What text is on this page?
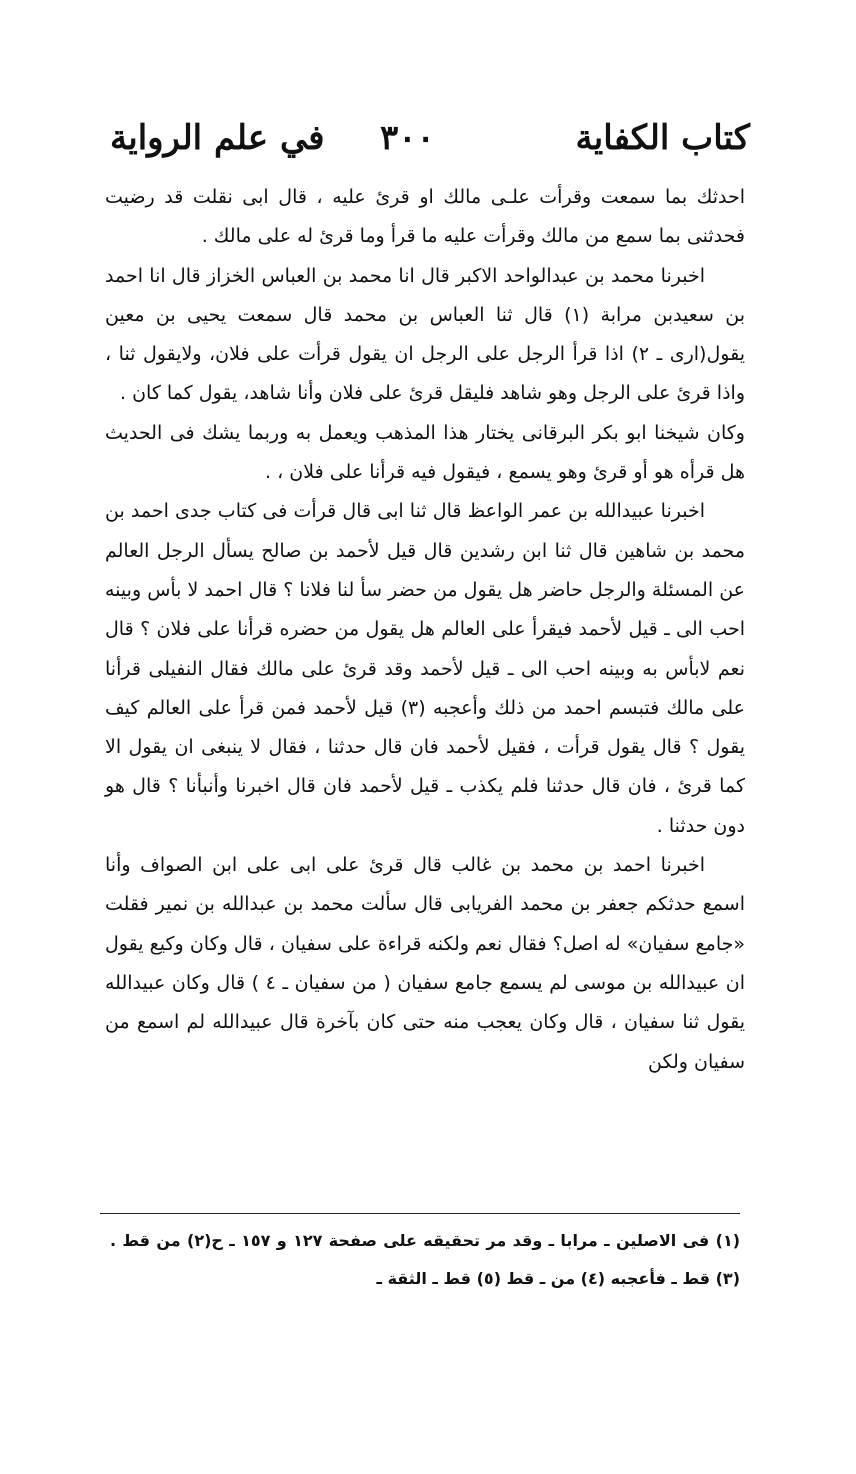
كتاب الكفاية
٣٠٠
في علم الرواية

احدثك بما سمعت وقرأت علـى مالك او قرئ عليه ، قال ابى نقلت قد رضيت فحدثنى بما سمع من مالك وقرأت عليه ما قرأ وما قرئ له على مالك .

اخبرنا محمد بن عبدالواحد الاكبر قال انا محمد بن العباس الخزاز قال انا احمد بن سعيدبن مرابة (١) قال ثنا العباس بن محمد قال سمعت يحيى بن معين يقول(ارى ـ ٢) اذا قرأ الرجل على الرجل ان يقول قرأت على فلان، ولايقول ثنا ، واذا قرئ على الرجل وهو شاهد فليقل قرئ على فلان وأنا شاهد، يقول كما كان .

وكان شيخنا ابو بكر البرقانى يختار هذا المذهب ويعمل به وربما يشك فى الحديث هل قرأه هو أو قرئ وهو يسمع ، فيقول فيه قرأنا على فلان ، .

اخبرنا عبيدالله بن عمر الواعظ قال ثنا ابى قال قرأت فى كتاب جدى احمد بن محمد بن شاهين قال ثنا ابن رشدين قال قيل لأحمد بن صالح يسأل الرجل العالم عن المسئلة والرجل حاضر هل يقول من حضر سأ لنا فلانا ؟ قال احمد لا بأس وبينه احب الى ـ قيل لأحمد فيقرأ على العالم هل يقول من حضره قرأنا على فلان ؟ قال نعم لابأس به وبينه احب الى ـ قيل لأحمد وقد قرئ على مالك فقال النفيلى قرأنا على مالك فتبسم احمد من ذلك وأعجبه (٣) قيل لأحمد فمن قرأ على العالم كيف يقول ؟ قال يقول قرأت ، فقيل لأحمد فان قال حدثنا ، فقال لا ينبغى ان يقول الا كما قرئ ، فان قال حدثنا فلم يكذب ـ قيل لأحمد فان قال اخبرنا وأنبأنا ؟ قال هو دون حدثنا .

اخبرنا احمد بن محمد بن غالب قال قرئ على ابى على ابن الصواف وأنا اسمع حدثكم جعفر بن محمد الفريابى قال سألت محمد بن عبدالله بن نمير فقلت «جامع سفيان» له اصل؟ فقال نعم ولكنه قراءة على سفيان ، قال وكان وكيع يقول ان عبيدالله بن موسى لم يسمع جامع سفيان ( من سفيان ـ ٤ ) قال وكان عبيدالله يقول ثنا سفيان ، قال وكان يعجب منه حتى كان بآخرة قال عبيدالله لم اسمع من سفيان ولكن

(١) فى الاصلين ـ مرابا ـ وقد مر تحقيقه على صفحة ١٢٧ و ١٥٧ ـ ح(٢) من قط . (٣) قط ـ فأعجبه (٤) من ـ قط (٥) قط ـ الثقة ـ
